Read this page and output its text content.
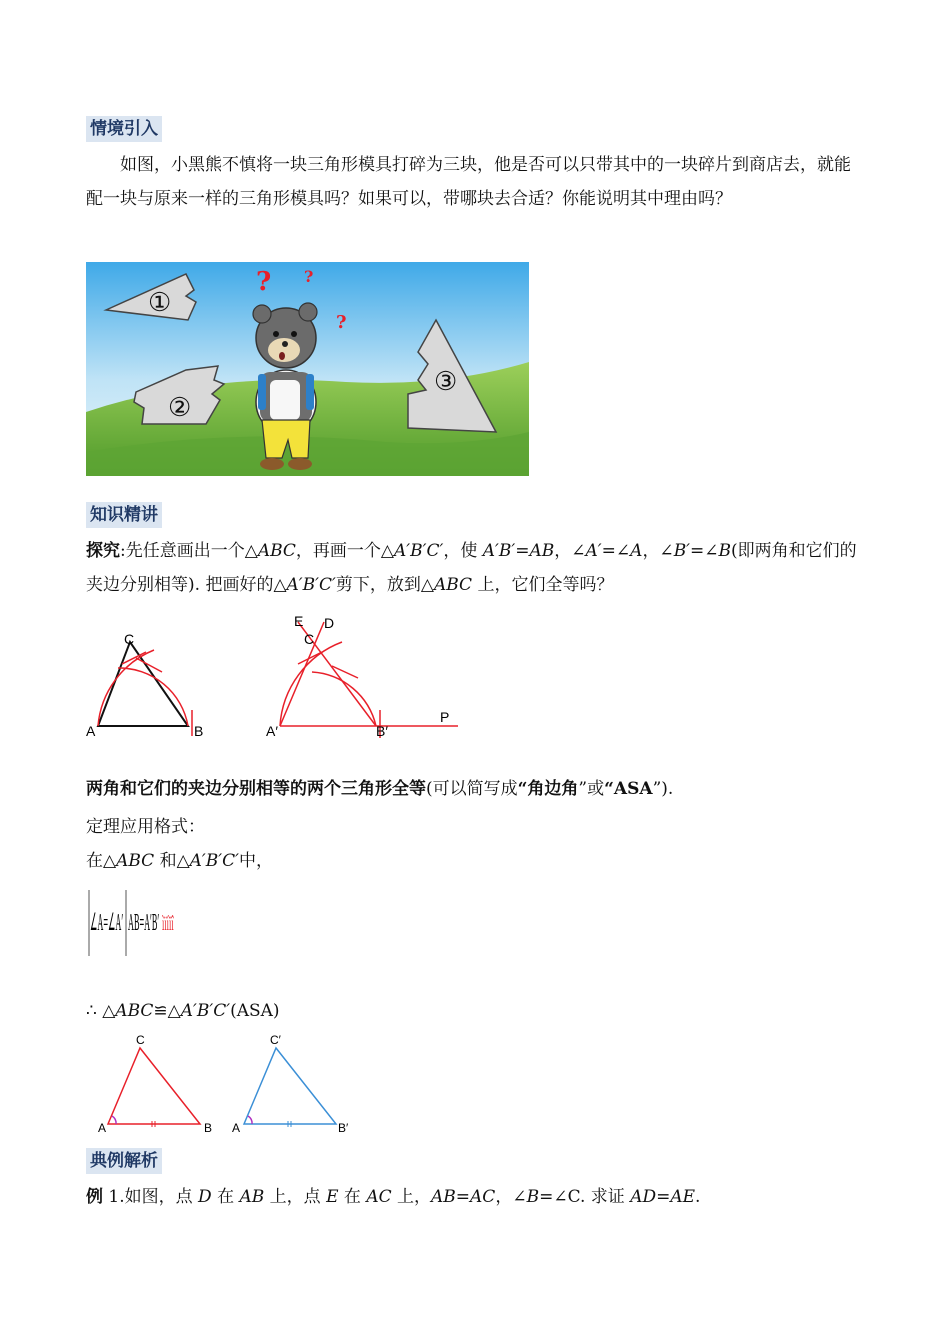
情境引入
如图，小黑熊不慎将一块三角形模具打碎为三块，他是否可以只带其中的一块碎片到商店去，就能配一块与原来一样的三角形模具吗？如果可以，带哪块去合适？你能说明其中理由吗？
? ?
?
①
②
③
知识精讲
探究:先任意画出一个△ABC，再画一个△A′B′C′，使 A′B′=AB，∠A′=∠A，∠B′=∠B(即两角和它们的夹边分别相等). 把画好的△A′B′C′剪下，放到△ABC 上，它们全等吗？
A	B
C
A′	B′
C
D
E
P
两角和它们的夹边分别相等的两个三角形全等(可以简写成“角边角”或“ASA”).
定理应用格式：
在△ABC 和△A′B′C′中，
∠A=∠A′ AB=A′B′ ìïíïî
∴ △ABC≌△A′B′C′(ASA)
A	B
C
A	B′
C′
典例解析
例 1.如图，点 D 在 AB 上，点 E 在 AC 上，AB=AC，∠B=∠C. 求证 AD=AE.
